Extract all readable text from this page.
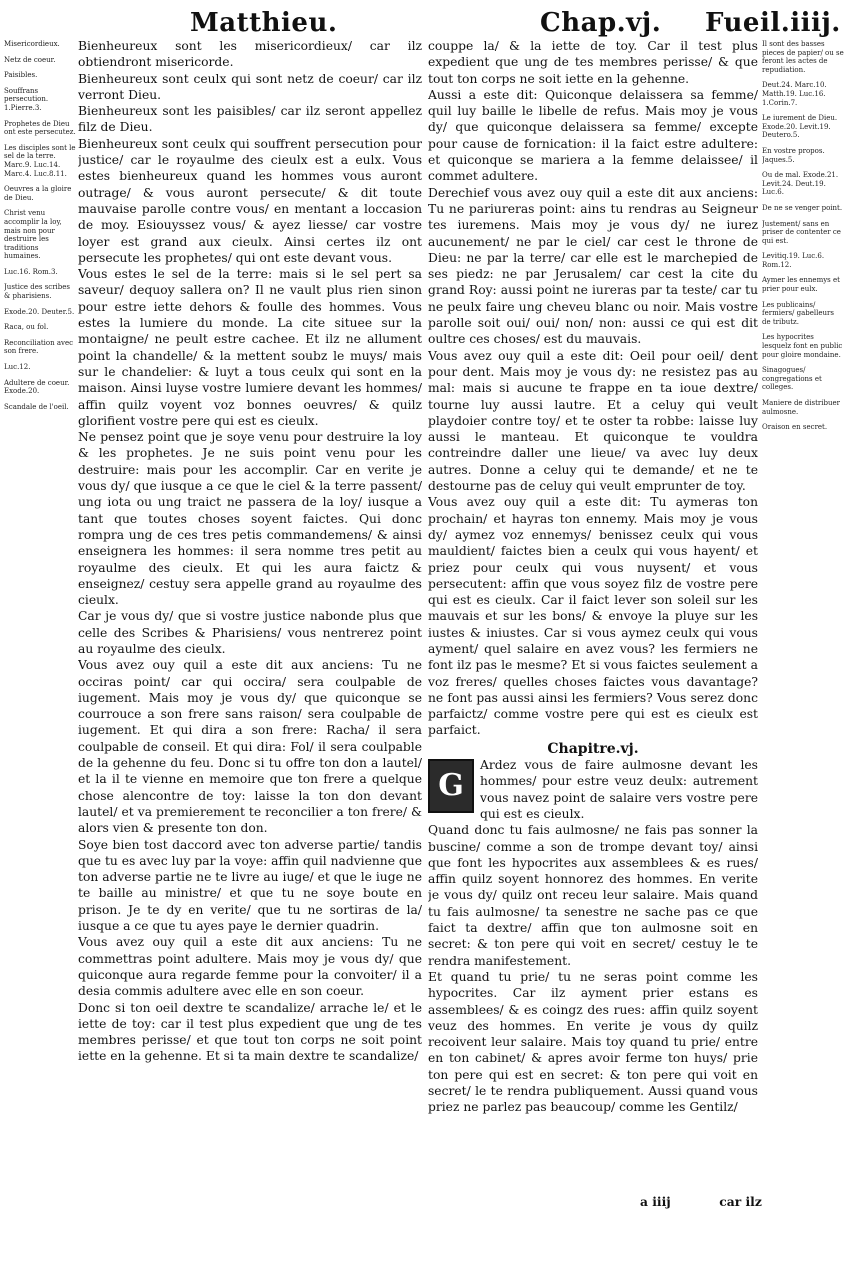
Matthieu.	Chap.vj. Fueil.iiij.
Misericordieux.
Netz de coeur.
Paisibles.
Souffrans persecution. 1.Pierre.3.
Prophetes de Dieu ont este persecutez.
Les disciples sont le sel de la terre. Marc.9. Luc.14. Marc.4. Luc.8.11.
Oeuvres a la gloire de Dieu.
Christ venu accomplir la loy, mais non pour destruire les traditions humaines.
Luc.16. Rom.3.
Justice des scribes & pharisiens.
Exode.20. Deuter.5.
Raca, ou fol.
Reconciliation avec son frere.
Luc.12.
Adultere de coeur. Exode.20.
Scandale de l'oeil.

Bienheureux sont les misericordieux/ car ilz obtiendront misericorde.

Bienheureux sont ceulx qui sont netz de coeur/ car ilz verront Dieu.

Bienheureux sont les paisibles/ car ilz seront appellez filz de Dieu.

Bienheureux sont ceulx qui souffrent persecution pour justice/ car le royaulme des cieulx est a eulx. Vous estes bienheureux quand les hommes vous auront outrage/ & vous auront persecute/ & dit toute mauvaise parolle contre vous/ en mentant a loccasion de moy. Esiouyssez vous/ & ayez liesse/ car vostre loyer est grand aux cieulx. Ainsi certes ilz ont persecute les prophetes/ qui ont este devant vous.

Vous estes le sel de la terre: mais si le sel pert sa saveur/ dequoy sallera on? Il ne vault plus rien sinon pour estre iette dehors & foulle des hommes. Vous estes la lumiere du monde. La cite situee sur la montaigne/ ne peult estre cachee. Et ilz ne allument point la chandelle/ & la mettent soubz le muys/ mais sur le chandelier: & luyt a tous ceulx qui sont en la maison. Ainsi luyse vostre lumiere devant les hommes/ affin quilz voyent voz bonnes oeuvres/ & quilz glorifient vostre pere qui est es cieulx.

Ne pensez point que je soye venu pour destruire la loy & les prophetes. Je ne suis point venu pour les destruire: mais pour les accomplir. Car en verite je vous dy/ que iusque a ce que le ciel & la terre passent/ ung iota ou ung traict ne passera de la loy/ iusque a tant que toutes choses soyent faictes. Qui donc rompra ung de ces tres petis commandemens/ & ainsi enseignera les hommes: il sera nomme tres petit au royaulme des cieulx. Et qui les aura faictz & enseignez/ cestuy sera appelle grand au royaulme des cieulx.

Car je vous dy/ que si vostre justice nabonde plus que celle des Scribes & Pharisiens/ vous nentrerez point au royaulme des cieulx.

Vous avez ouy quil a este dit aux anciens: Tu ne occiras point/ car qui occira/ sera coulpable de iugement. Mais moy je vous dy/ que quiconque se courrouce a son frere sans raison/ sera coulpable de iugement. Et qui dira a son frere: Racha/ il sera coulpable de conseil. Et qui dira: Fol/ il sera coulpable de la gehenne du feu. Donc si tu offre ton don a lautel/ et la il te vienne en memoire que ton frere a quelque chose alencontre de toy: laisse la ton don devant lautel/ et va premierement te reconcilier a ton frere/ & alors vien & presente ton don.

Soye bien tost daccord avec ton adverse partie/ tandis que tu es avec luy par la voye: affin quil nadvienne que ton adverse partie ne te livre au iuge/ et que le iuge ne te baille au ministre/ et que tu ne soye boute en prison. Je te dy en verite/ que tu ne sortiras de la/ iusque a ce que tu ayes paye le dernier quadrin.

Vous avez ouy quil a este dit aux anciens: Tu ne commettras point adultere. Mais moy je vous dy/ que quiconque aura regarde femme pour la convoiter/ il a desia commis adultere avec elle en son coeur.

Donc si ton oeil dextre te scandalize/ arrache le/ et le iette de toy: car il test plus expedient que ung de tes membres perisse/ et que tout ton corps ne soit point iette en la gehenne. Et si ta main dextre te scandalize/

couppe la/ & la iette de toy. Car il test plus expedient que ung de tes membres perisse/ & que tout ton corps ne soit iette en la gehenne.

Aussi a este dit: Quiconque delaissera sa femme/ quil luy baille le libelle de refus. Mais moy je vous dy/ que quiconque delaissera sa femme/ excepte pour cause de fornication: il la faict estre adultere: et quiconque se mariera a la femme delaissee/ il commet adultere.

Derechief vous avez ouy quil a este dit aux anciens: Tu ne pariureras point: ains tu rendras au Seigneur tes iuremens. Mais moy je vous dy/ ne iurez aucunement/ ne par le ciel/ car cest le throne de Dieu: ne par la terre/ car elle est le marchepied de ses piedz: ne par Jerusalem/ car cest la cite du grand Roy: aussi point ne iureras par ta teste/ car tu ne peulx faire ung cheveu blanc ou noir. Mais vostre parolle soit oui/ oui/ non/ non: aussi ce qui est dit oultre ces choses/ est du mauvais.

Vous avez ouy quil a este dit: Oeil pour oeil/ dent pour dent. Mais moy je vous dy: ne resistez pas au mal: mais si aucune te frappe en ta ioue dextre/ tourne luy aussi lautre. Et a celuy qui veult playdoier contre toy/ et te oster ta robbe: laisse luy aussi le manteau. Et quiconque te vouldra contreindre daller une lieue/ va avec luy deux autres. Donne a celuy qui te demande/ et ne te destourne pas de celuy qui veult emprunter de toy.

Vous avez ouy quil a este dit: Tu aymeras ton prochain/ et hayras ton ennemy. Mais moy je vous dy/ aymez voz ennemys/ benissez ceulx qui vous mauldient/ faictes bien a ceulx qui vous hayent/ et priez pour ceulx qui vous nuysent/ et vous persecutent: affin que vous soyez filz de vostre pere qui est es cieulx. Car il faict lever son soleil sur les mauvais et sur les bons/ & envoye la pluye sur les iustes & iniustes. Car si vous aymez ceulx qui vous ayment/ quel salaire en avez vous? les fermiers ne font ilz pas le mesme? Et si vous faictes seulement a voz freres/ quelles choses faictes vous davantage? ne font pas aussi ainsi les fermiers? Vous serez donc parfaictz/ comme vostre pere qui est es cieulx est parfaict.

Chapitre.vj.
G
Ardez vous de faire aulmosne devant les hommes/ pour estre veuz deulx: autrement vous navez point de salaire vers vostre pere qui est es cieulx.

Quand donc tu fais aulmosne/ ne fais pas sonner la buscine/ comme a son de trompe devant toy/ ainsi que font les hypocrites aux assemblees & es rues/ affin quilz soyent honnorez des hommes. En verite je vous dy/ quilz ont receu leur salaire. Mais quand tu fais aulmosne/ ta senestre ne sache pas ce que faict ta dextre/ affin que ton aulmosne soit en secret: & ton pere qui voit en secret/ cestuy le te rendra manifestement.

Et quand tu prie/ tu ne seras point comme les hypocrites. Car ilz ayment prier estans es assemblees/ & es coingz des rues: affin quilz soyent veuz des hommes. En verite je vous dy quilz recoivent leur salaire. Mais toy quand tu prie/ entre en ton cabinet/ & apres avoir ferme ton huys/ prie ton pere qui est en secret: & ton pere qui voit en secret/ le te rendra publiquement. Aussi quand vous priez ne parlez pas beaucoup/ comme les Gentilz/

Il sont des basses pieces de papier/ ou se feront les actes de repudiation.
Deut.24. Marc.10. Matth.19. Luc.16. 1.Corin.7.
Le iurement de Dieu. Exode.20. Levit.19. Deutero.5.
En vostre propos. Jaques.5.
Ou de mal. Exode.21. Levit.24. Deut.19. Luc.6.
De ne se venger point.
Justement/ sans en priser de contenter ce qui est.
Levitiq.19. Luc.6. Rom.12.
Aymer les ennemys et prier pour eulx.
Les publicains/ fermiers/ gabelleurs de tributz.
Les hypocrites lesquelz font en public pour gloire mondaine.
Sinagogues/ congregations et colleges.
Maniere de distribuer aulmosne.
Oraison en secret.
a iiij	car ilz
